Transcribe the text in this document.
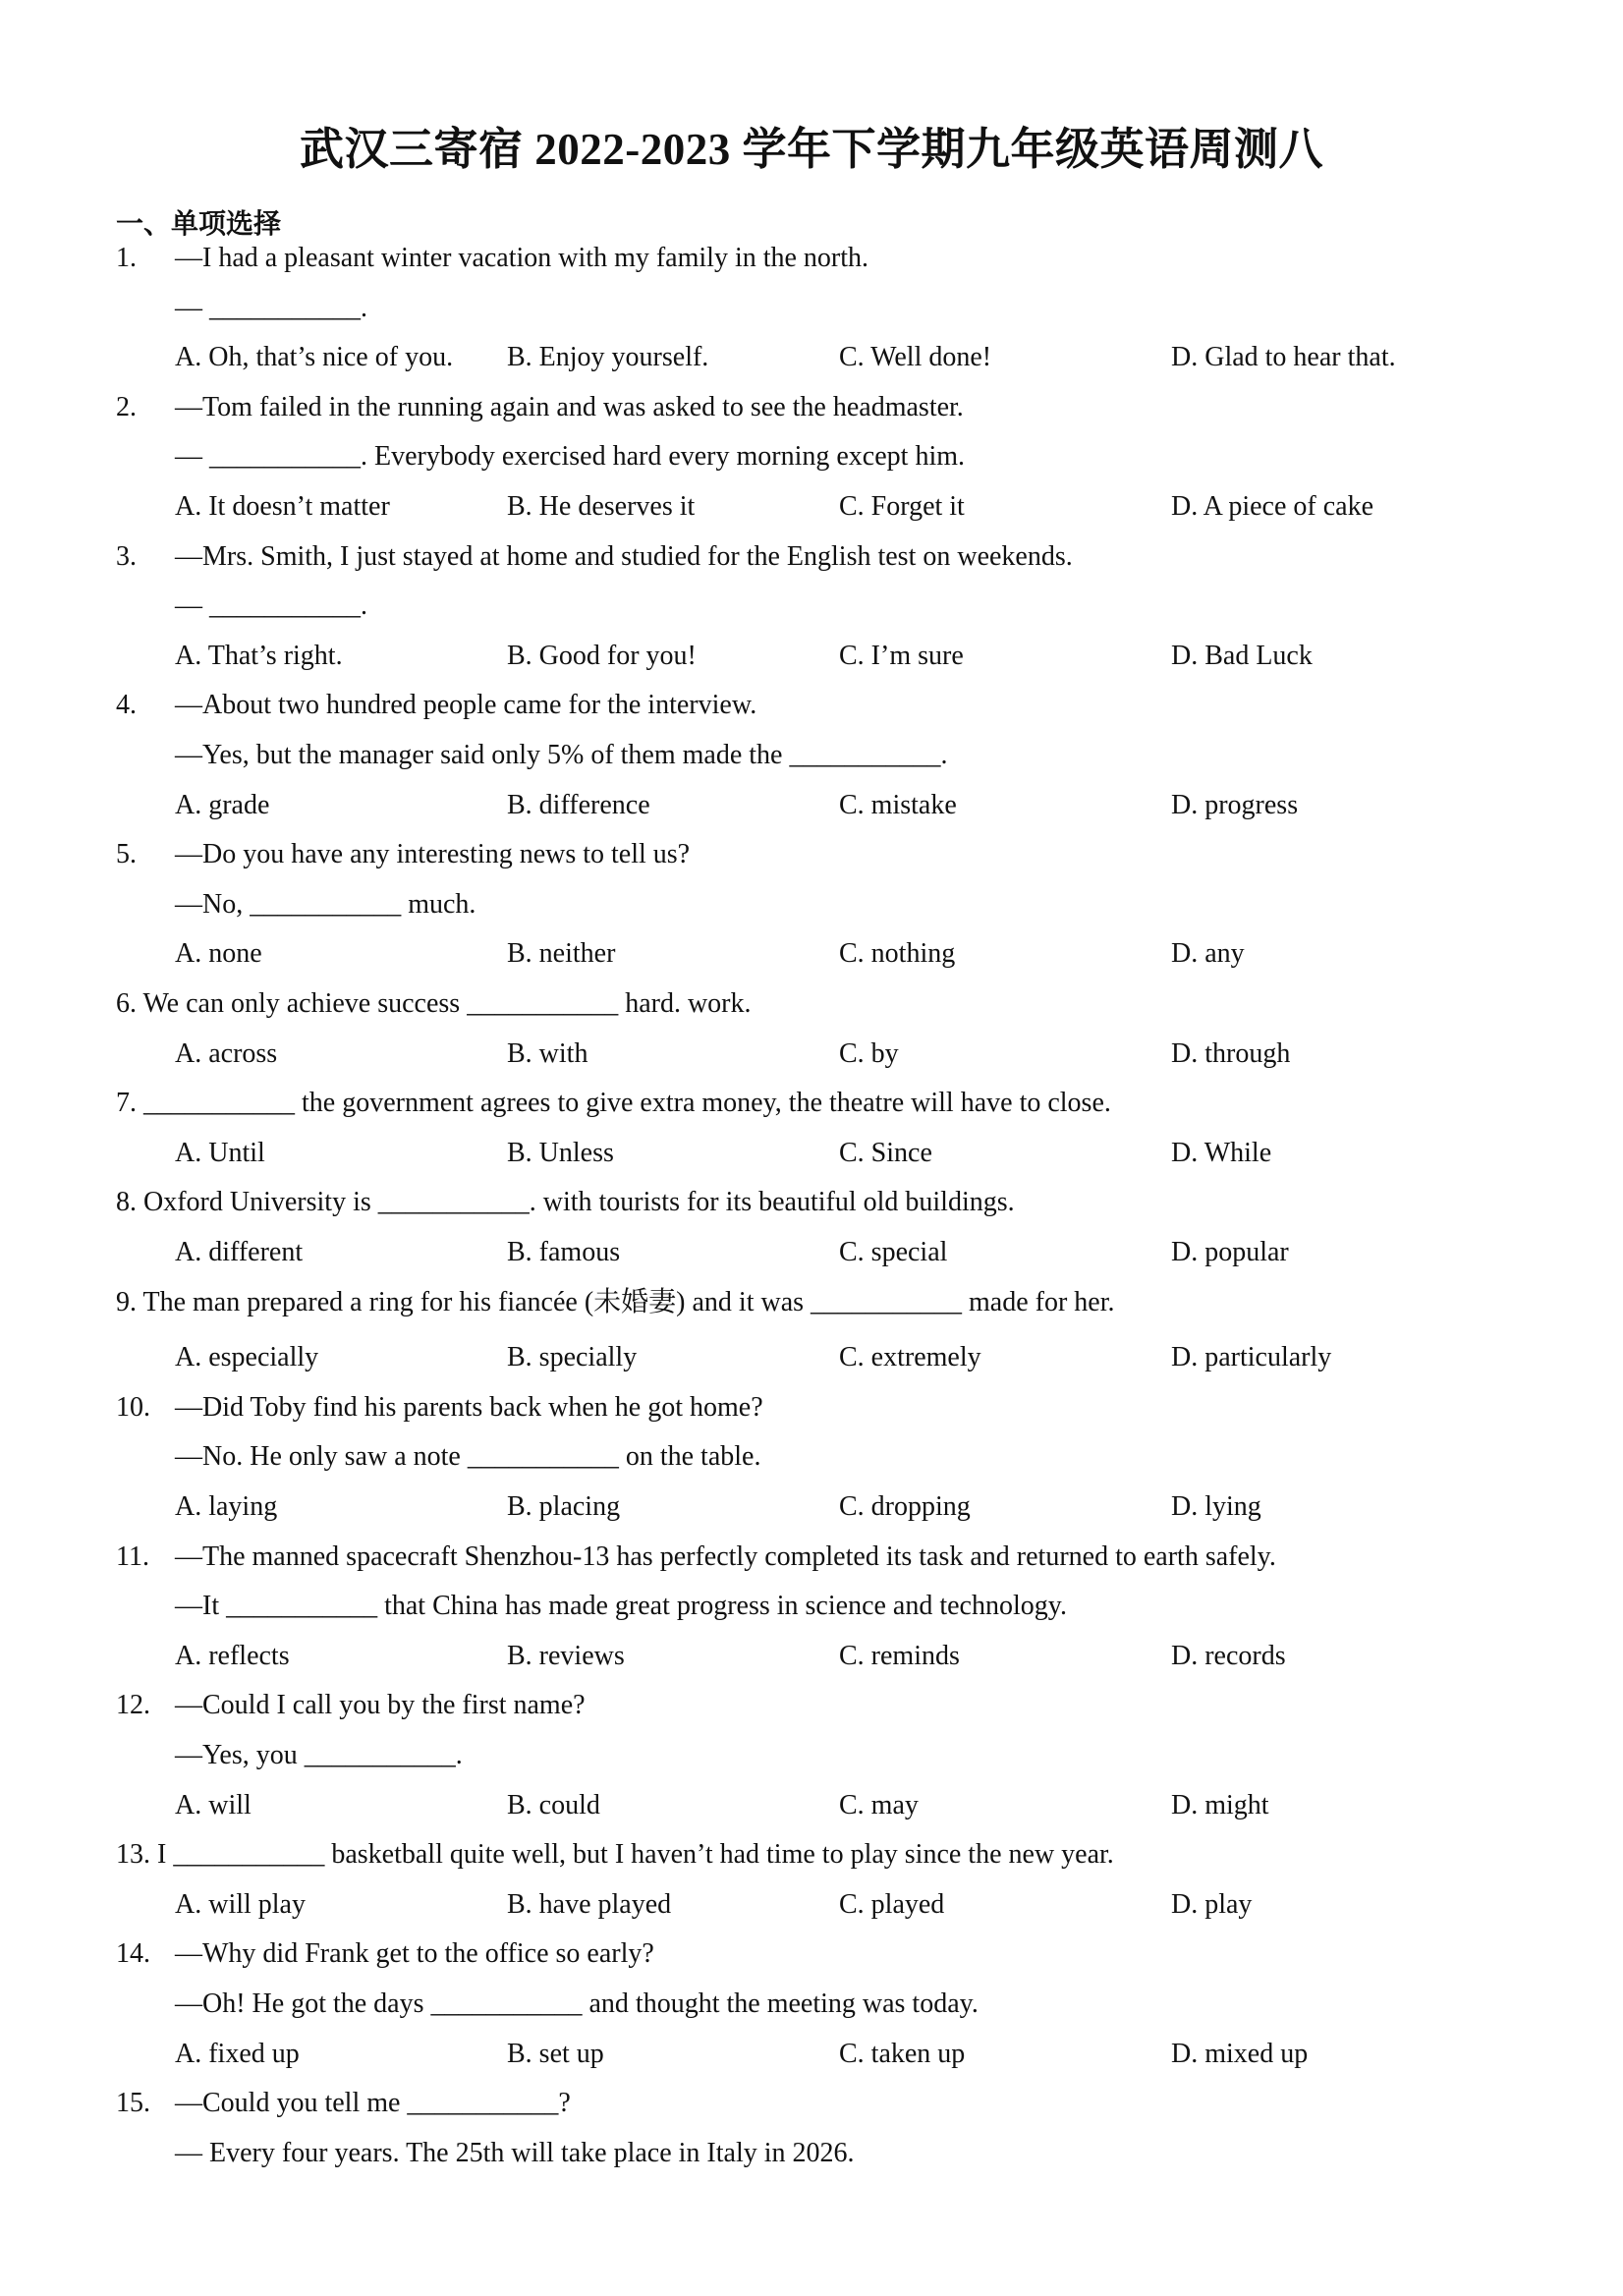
武汉三寄宿 2022-2023 学年下学期九年级英语周测八
一、单项选择
1.	—I had a pleasant winter vacation with my family in the north.
— ___________.
A. Oh, that’s nice of you. B. Enjoy yourself.	C. Well done!	D. Glad to hear that.
2.	—Tom failed in the running again and was asked to see the headmaster.
— ___________. Everybody exercised hard every morning except him.
A. It doesn’t matter	B. He deserves it	C. Forget it	D. A piece of cake
3.	—Mrs. Smith, I just stayed at home and studied for the English test on weekends.
— ___________.
A. That’s right.	B. Good for you!	C. I’m sure	D. Bad Luck
4.	—About two hundred people came for the interview.
—Yes, but the manager said only 5% of them made the ___________.
A. grade	B. difference	C. mistake	D. progress
5.	—Do you have any interesting news to tell us?
—No, ___________ much.
A. none	B. neither	C. nothing	D. any
6. We can only achieve success ___________ hard. work.
A. across	B. with	C. by	D. through
7. ___________ the government agrees to give extra money, the theatre will have to close.
A. Until	B. Unless	C. Since	D. While
8. Oxford University is ___________. with tourists for its beautiful old buildings.
A. different	B. famous	C. special	D. popular
9. The man prepared a ring for his fiancée (未婚妻) and it was ___________ made for her.
A. especially	B. specially	C. extremely	D. particularly
10. —Did Toby find his parents back when he got home?
—No. He only saw a note ___________ on the table.
A. laying	B. placing	C. dropping	D. lying
11. —The manned spacecraft Shenzhou-13 has perfectly completed its task and returned to earth safely.
—It ___________ that China has made great progress in science and technology.
A. reflects	B. reviews	C. reminds	D. records
12. —Could I call you by the first name?
—Yes, you ___________.
A. will	B. could	C. may	D. might
13. I ___________ basketball quite well, but I haven’t had time to play since the new year.
A. will play	B. have played	C. played	D. play
14. —Why did Frank get to the office so early?
—Oh! He got the days ___________ and thought the meeting was today.
A. fixed up	B. set up	C. taken up	D. mixed up
15. —Could you tell me ___________?
— Every four years. The 25th will take place in Italy in 2026.
